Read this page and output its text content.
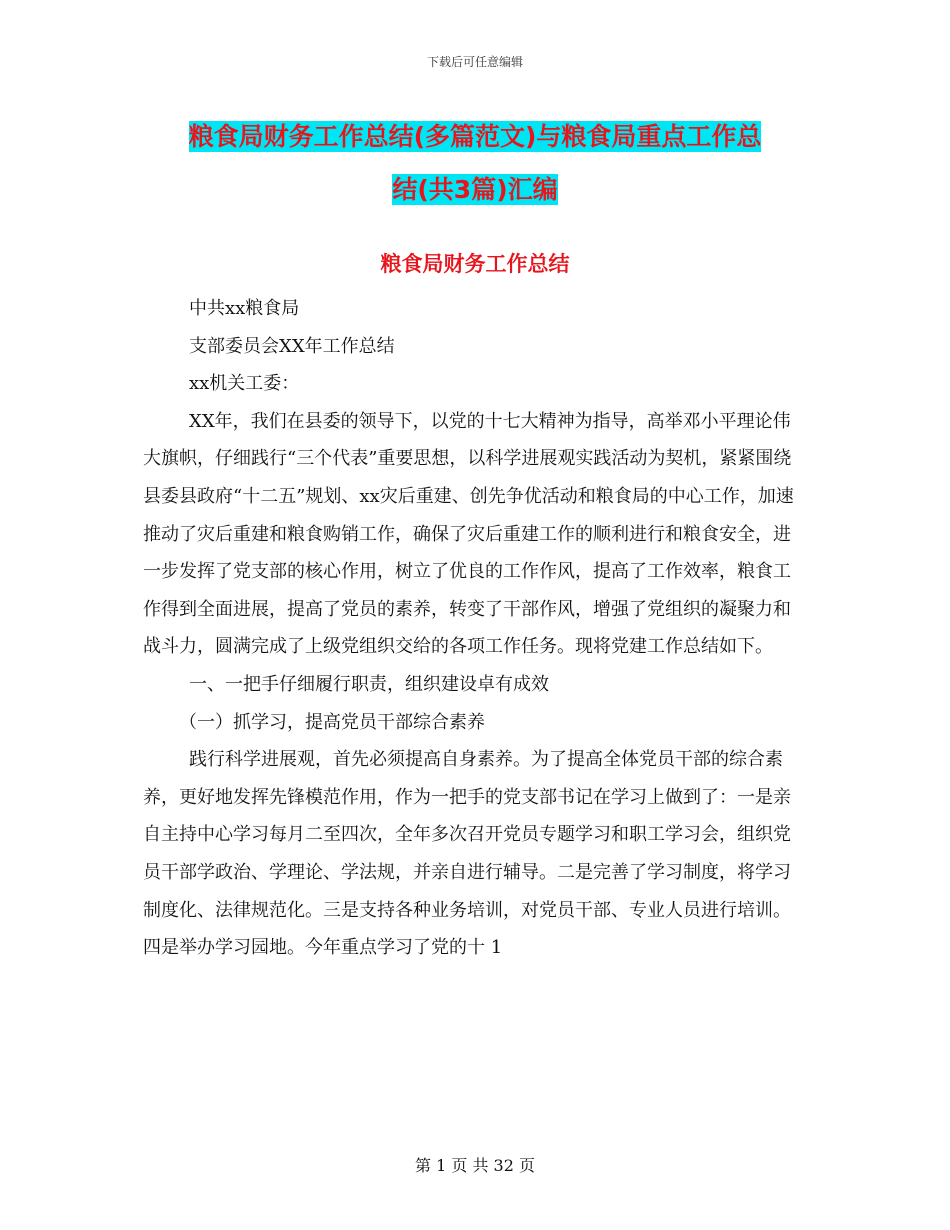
下载后可任意编辑
粮食局财务工作总结(多篇范文)与粮食局重点工作总
结(共3篇)汇编
粮食局财务工作总结

中共xx粮食局

支部委员会XX年工作总结

xx机关工委：

XX年，我们在县委的领导下，以党的十七大精神为指导，高举邓小平理论伟大旗帜，仔细践行“三个代表”重要思想，以科学进展观实践活动为契机，紧紧围绕县委县政府“十二五”规划、xx灾后重建、创先争优活动和粮食局的中心工作，加速推动了灾后重建和粮食购销工作，确保了灾后重建工作的顺利进行和粮食安全，进一步发挥了党支部的核心作用，树立了优良的工作作风，提高了工作效率，粮食工作得到全面进展，提高了党员的素养，转变了干部作风，增强了党组织的凝聚力和战斗力，圆满完成了上级党组织交给的各项工作任务。现将党建工作总结如下。

一、一把手仔细履行职责，组织建设卓有成效

（一）抓学习，提高党员干部综合素养

践行科学进展观，首先必须提高自身素养。为了提高全体党员干部的综合素养，更好地发挥先锋模范作用，作为一把手的党支部书记在学习上做到了：一是亲自主持中心学习每月二至四次，全年多次召开党员专题学习和职工学习会，组织党员干部学政治、学理论、学法规，并亲自进行辅导。二是完善了学习制度，将学习制度化、法律规范化。三是支持各种业务培训，对党员干部、专业人员进行培训。四是举办学习园地。今年重点学习了党的十 1

第 1 页 共 32 页
